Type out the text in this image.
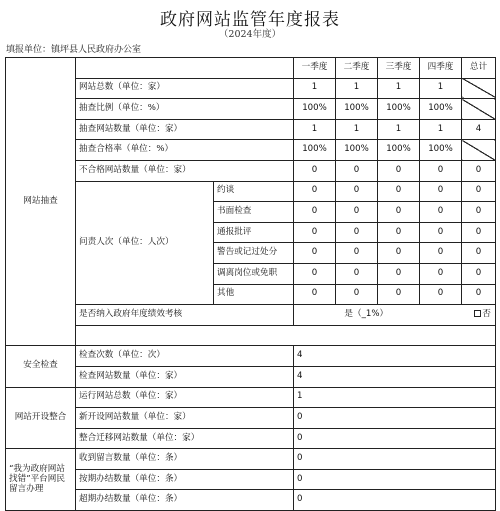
政府网站监管年度报表
（2024年度）
填报单位：镇坪县人民政府办公室
网站抽查			一季度	二季度	三季度	四季度	总计
	网站总数（单位：家）		1	1	1	1	
	抽查比例（单位：%）		100%	100%	100%	100%	
	抽查网站数量（单位：家）		1	1	1	1	4
	抽查合格率（单位：%）		100%	100%	100%	100%	
	不合格网站数量（单位：家）		0	0	0	0	0
	问责人次（单位：人次）	约谈	0	0	0	0	0
		书面检查	0	0	0	0	0
		通报批评	0	0	0	0	0
		警告或记过处分	0	0	0	0	0
		调离岗位或免职	0	0	0	0	0
		其他	0	0	0	0	0
	是否纳入政府年度绩效考核		是（_1%） 否				

安全检查	检查次数（单位：次）		4				
	检查网站数量（单位：家）		4				
网站开设整合	运行网站总数（单位：家）		1				
	新开设网站数量（单位：家）		0				
	整合迁移网站数量（单位：家）		0				
“我为政府网站找错”平台网民留言办理	收到留言数量（单位：条）		0				
	按期办结数量（单位：条）		0				
	超期办结数量（单位：条）		0				
